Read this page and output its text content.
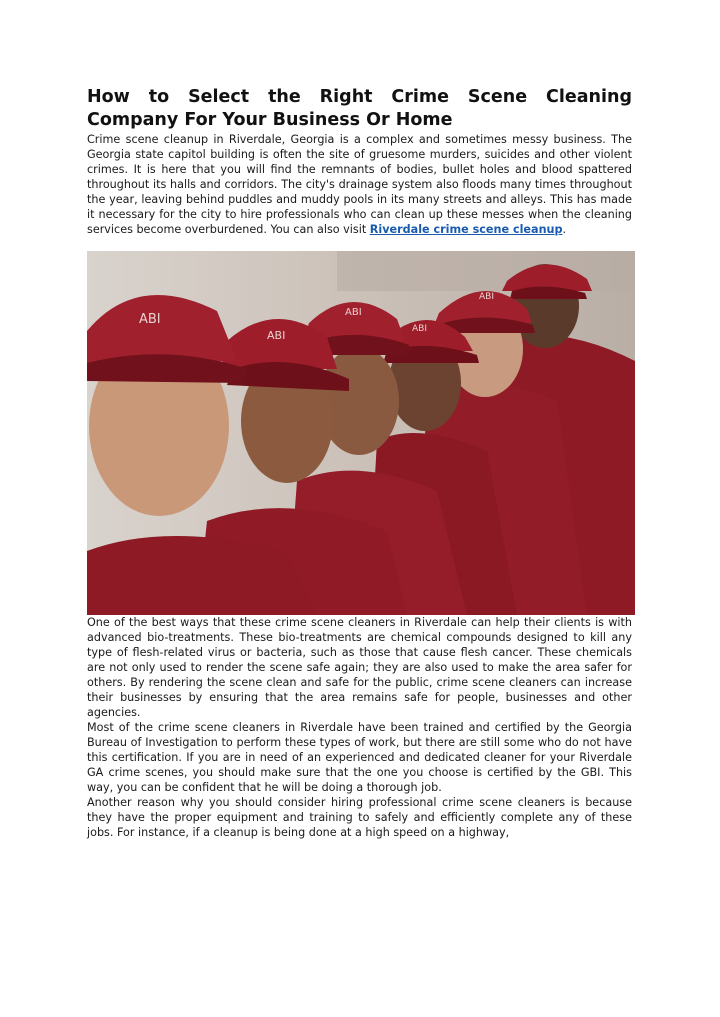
How to Select the Right Crime Scene Cleaning Company For Your Business Or Home

Crime scene cleanup in Riverdale, Georgia is a complex and sometimes messy business. The Georgia state capitol building is often the site of gruesome murders, suicides and other violent crimes. It is here that you will find the remnants of bodies, bullet holes and blood spattered throughout its halls and corridors. The city's drainage system also floods many times throughout the year, leaving behind puddles and muddy pools in its many streets and alleys. This has made it necessary for the city to hire professionals who can clean up these messes when the cleaning services become overburdened. You can also visit Riverdale crime scene cleanup.

ABI
ABI
ABI
ABI
ABI

One of the best ways that these crime scene cleaners in Riverdale can help their clients is with advanced bio-treatments. These bio-treatments are chemical compounds designed to kill any type of flesh-related virus or bacteria, such as those that cause flesh cancer. These chemicals are not only used to render the scene safe again; they are also used to make the area safer for others. By rendering the scene clean and safe for the public, crime scene cleaners can increase their businesses by ensuring that the area remains safe for people, businesses and other agencies.

Most of the crime scene cleaners in Riverdale have been trained and certified by the Georgia Bureau of Investigation to perform these types of work, but there are still some who do not have this certification. If you are in need of an experienced and dedicated cleaner for your Riverdale GA crime scenes, you should make sure that the one you choose is certified by the GBI. This way, you can be confident that he will be doing a thorough job.

Another reason why you should consider hiring professional crime scene cleaners is because they have the proper equipment and training to safely and efficiently complete any of these jobs. For instance, if a cleanup is being done at a high speed on a highway,
